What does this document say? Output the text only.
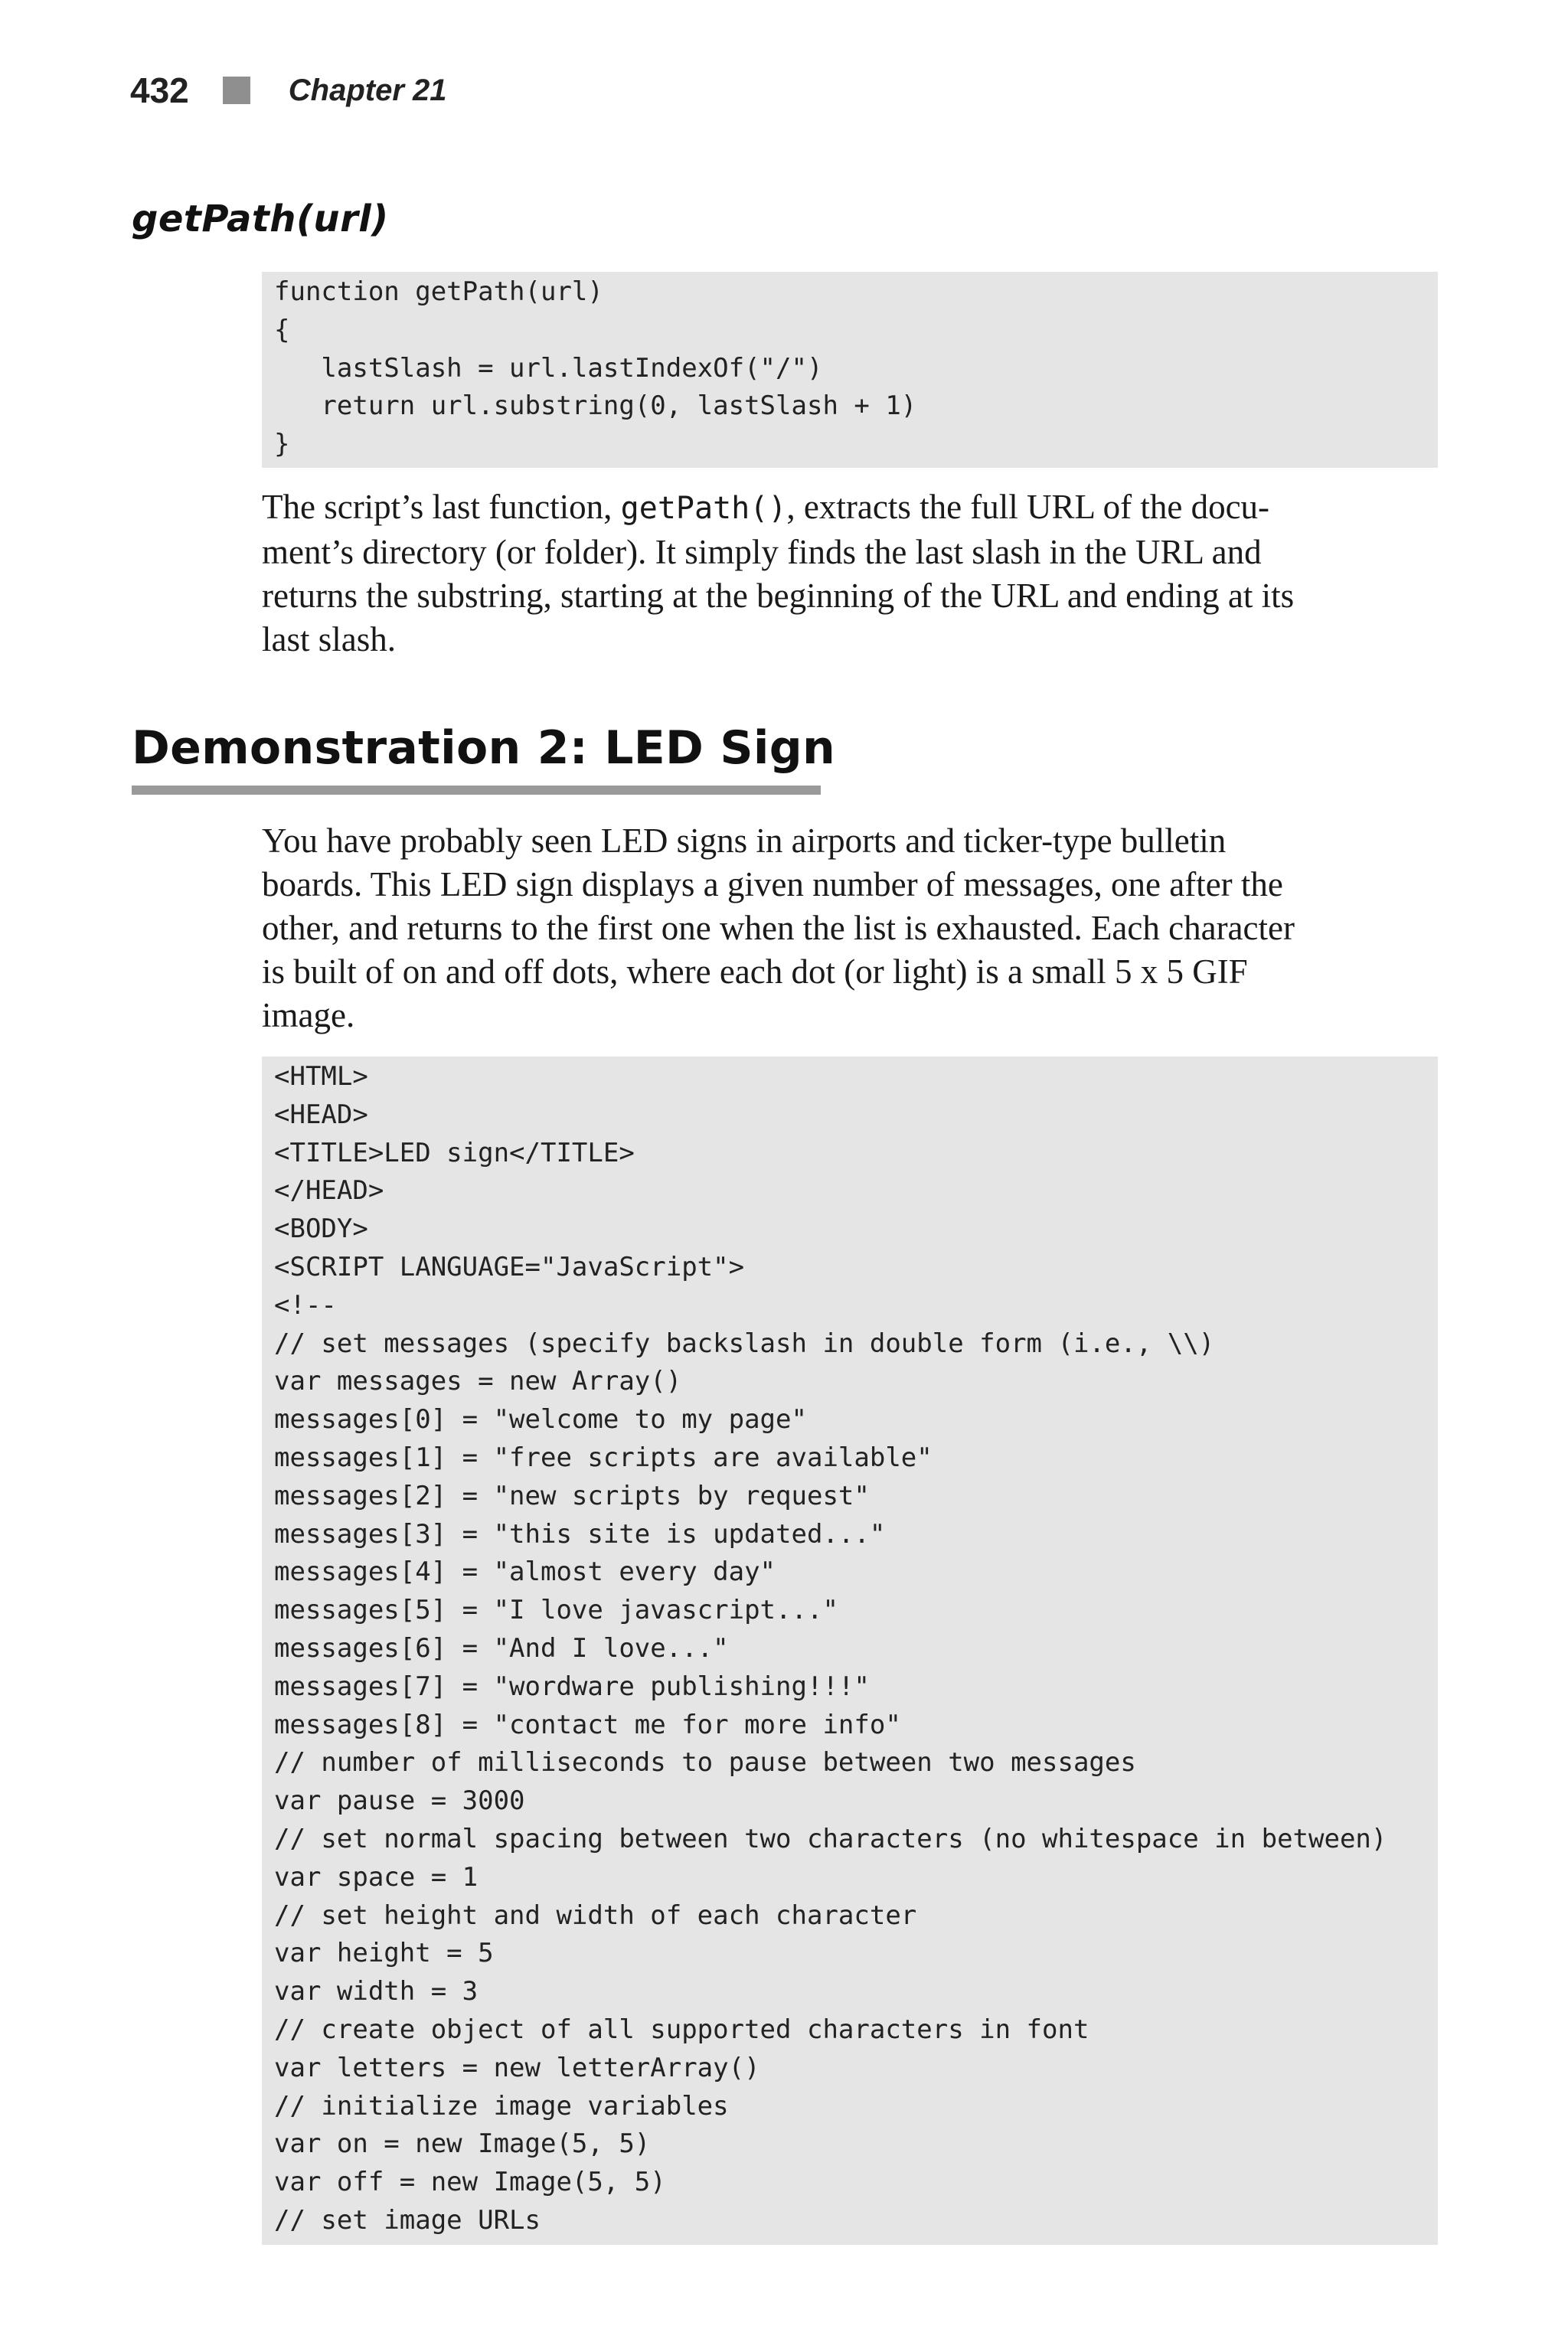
432	Chapter 21
getPath(url)
function getPath(url)
{
lastSlash = url.lastIndexOf("/")
return url.substring(0, lastSlash + 1)
}
The script’s last function, getPath(), extracts the full URL of the docu-
ment’s directory (or folder). It simply finds the last slash in the URL and
returns the substring, starting at the beginning of the URL and ending at its
last slash.
Demonstration 2: LED Sign
You have probably seen LED signs in airports and ticker-type bulletin
boards. This LED sign displays a given number of messages, one after the
other, and returns to the first one when the list is exhausted. Each character
is built of on and off dots, where each dot (or light) is a small 5 x 5 GIF
image.
<HTML>
<HEAD>
<TITLE>LED sign</TITLE>
</HEAD>
<BODY>
<SCRIPT LANGUAGE="JavaScript">
<!--
// set messages (specify backslash in double form (i.e., \\)
var messages = new Array()
messages[0] = "welcome to my page"
messages[1] = "free scripts are available"
messages[2] = "new scripts by request"
messages[3] = "this site is updated..."
messages[4] = "almost every day"
messages[5] = "I love javascript..."
messages[6] = "And I love..."
messages[7] = "wordware publishing!!!"
messages[8] = "contact me for more info"
// number of milliseconds to pause between two messages
var pause = 3000
// set normal spacing between two characters (no whitespace in between)
var space = 1
// set height and width of each character
var height = 5
var width = 3
// create object of all supported characters in font
var letters = new letterArray()
// initialize image variables
var on = new Image(5, 5)
var off = new Image(5, 5)
// set image URLs
